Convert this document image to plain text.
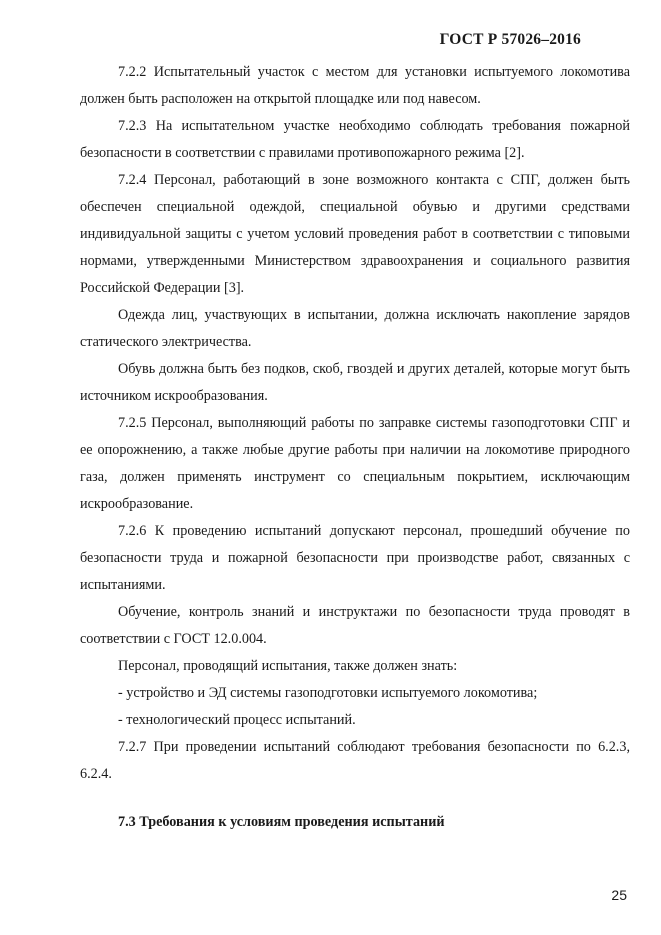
ГОСТ Р 57026–2016

7.2.2 Испытательный участок с местом для установки испытуемого локомотива должен быть расположен на открытой площадке или под навесом.

7.2.3 На испытательном участке необходимо соблюдать требования пожарной безопасности в соответствии с правилами противопожарного режима [2].

7.2.4 Персонал, работающий в зоне возможного контакта с СПГ, должен быть обеспечен специальной одеждой, специальной обувью и другими средствами индивидуальной защиты с учетом условий проведения работ в соответствии с типовыми нормами, утвержденными Министерством здравоохранения и социального развития Российской Федерации [3].

Одежда лиц, участвующих в испытании, должна исключать накопление зарядов статического электричества.

Обувь должна быть без подков, скоб, гвоздей и других деталей, которые могут быть источником искрообразования.

7.2.5 Персонал, выполняющий работы по заправке системы газоподготовки СПГ и ее опорожнению, а также любые другие работы при наличии на локомотиве природного газа, должен применять инструмент со специальным покрытием, исключающим искрообразование.

7.2.6 К проведению испытаний допускают персонал, прошедший обучение по безопасности труда и пожарной безопасности при производстве работ, связанных с испытаниями.

Обучение, контроль знаний и инструктажи по безопасности труда проводят в соответствии с ГОСТ 12.0.004.

Персонал, проводящий испытания, также должен знать:

- устройство и ЭД системы газоподготовки испытуемого локомотива;

- технологический процесс испытаний.

7.2.7 При проведении испытаний соблюдают требования безопасности по 6.2.3, 6.2.4.

7.3 Требования к условиям проведения испытаний
25
